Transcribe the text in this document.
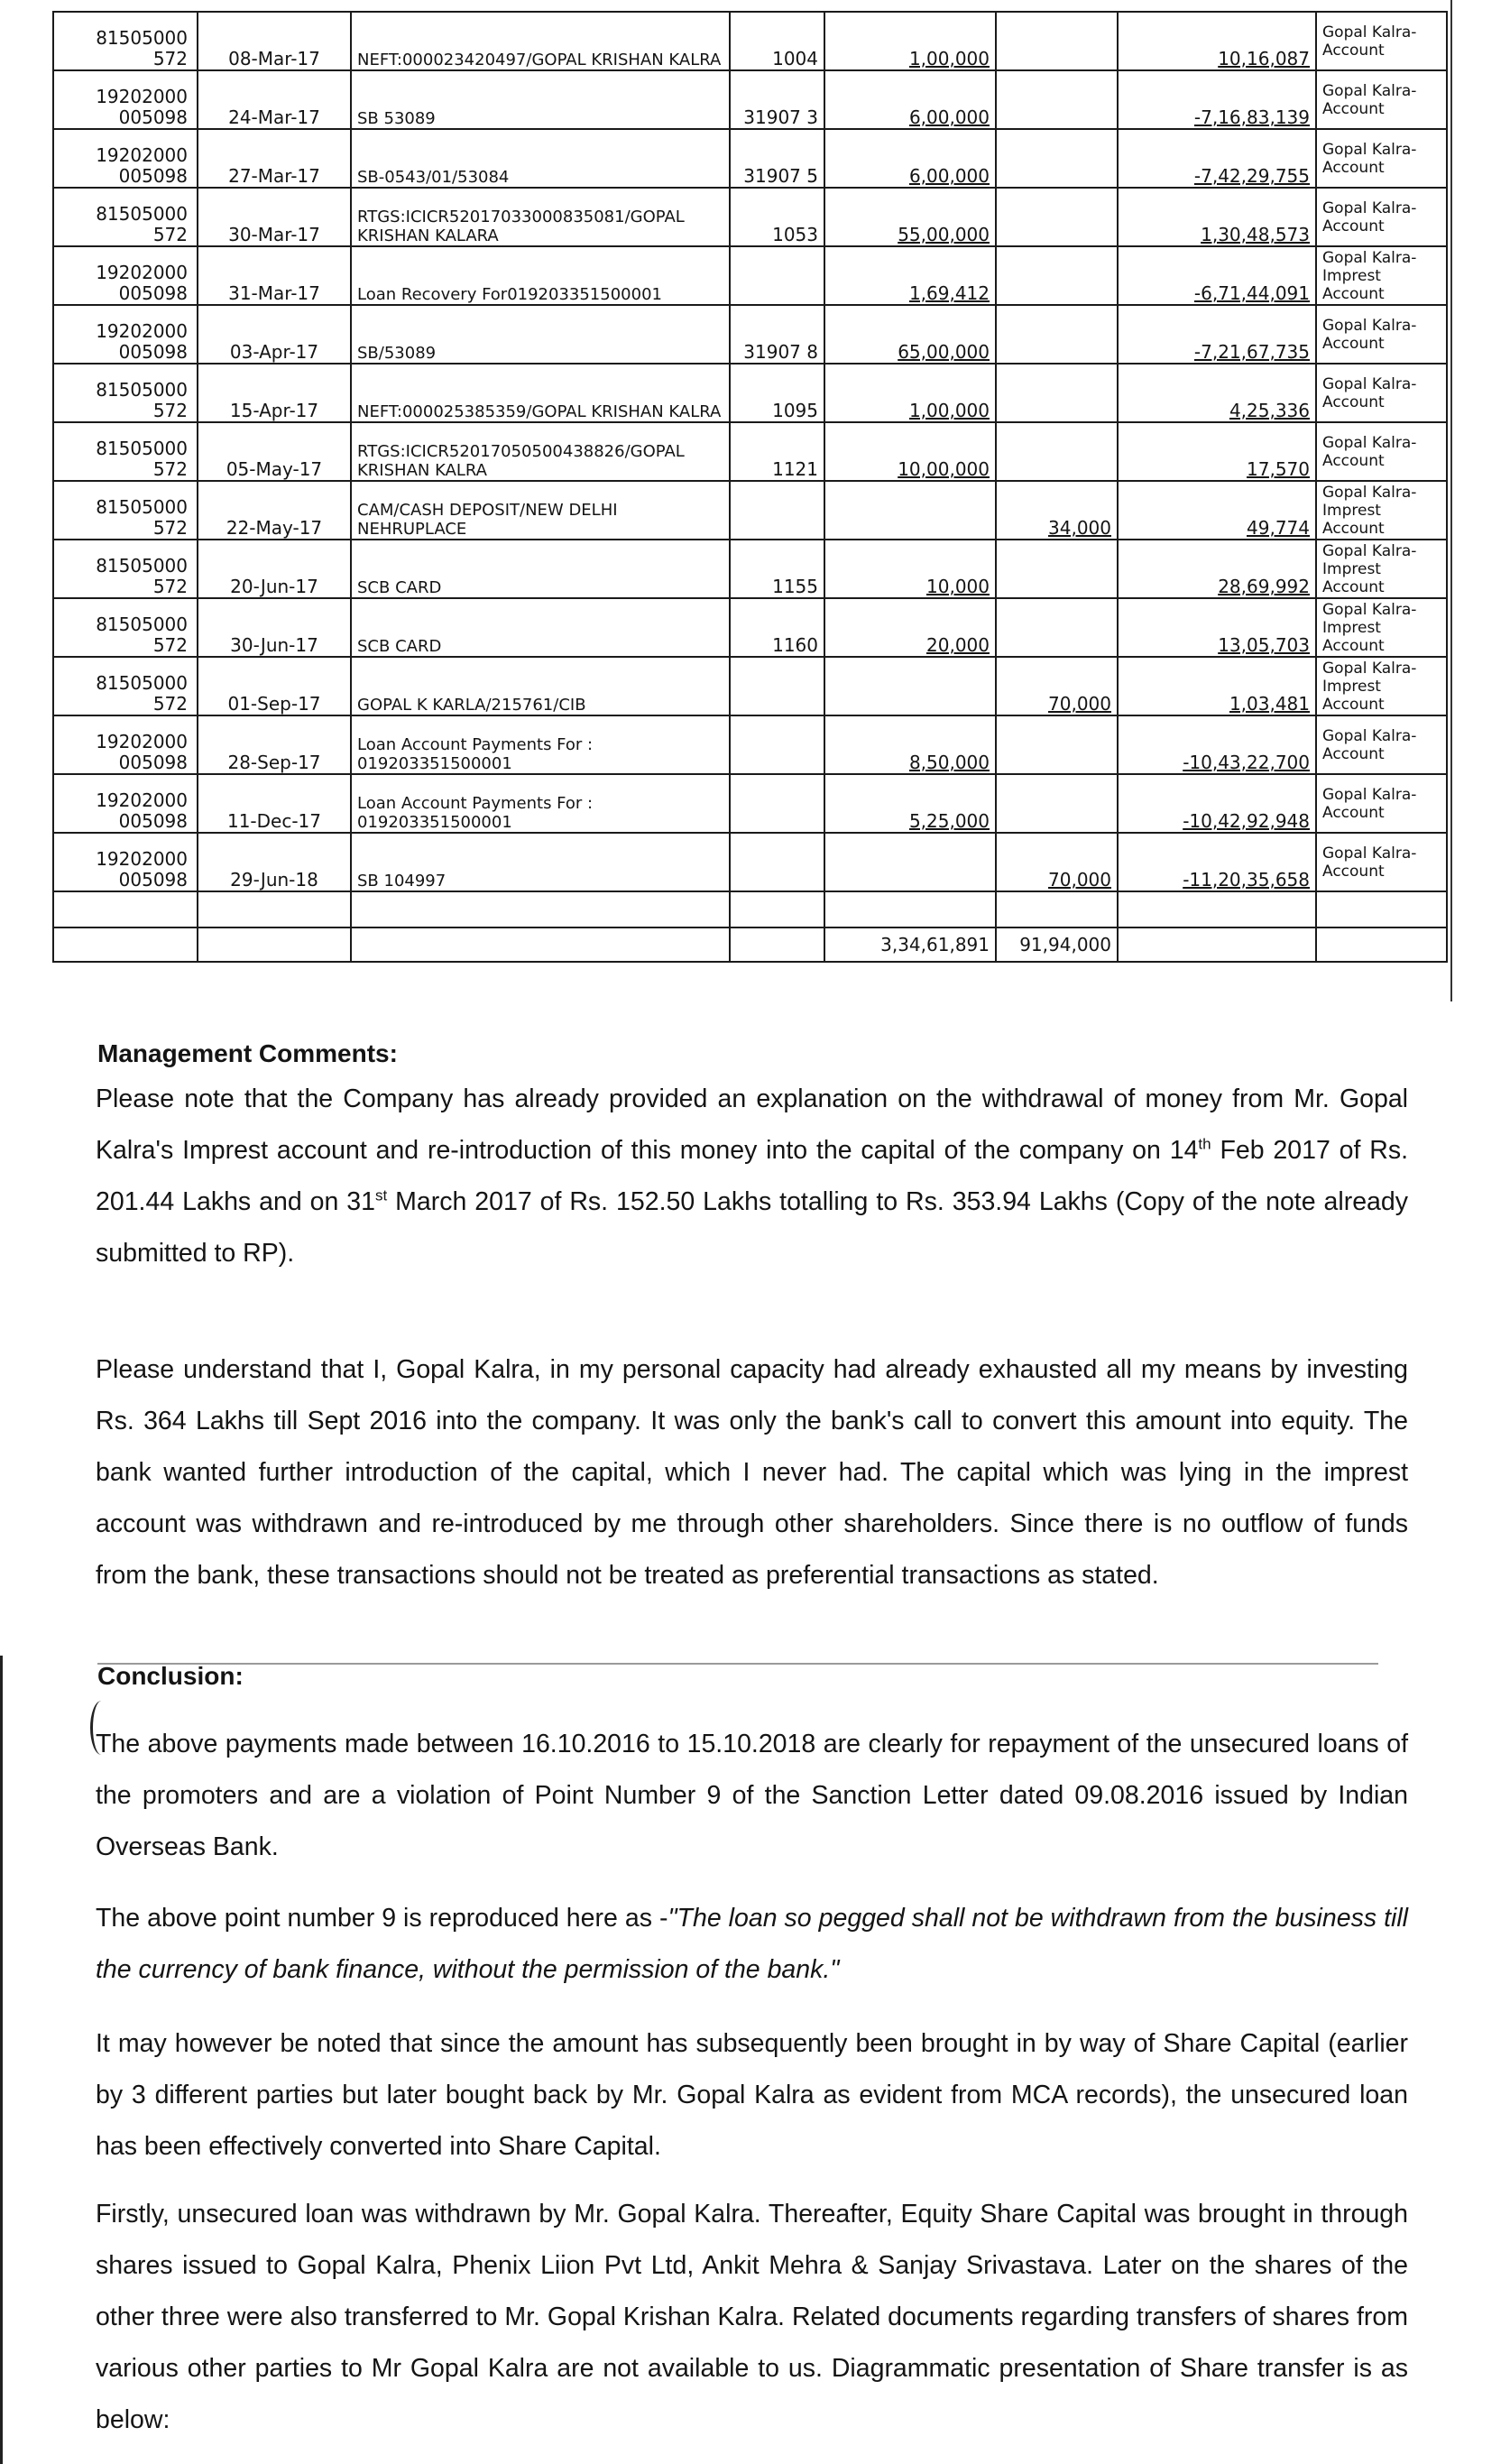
81505000
572	08-Mar-17	NEFT:000023420497/GOPAL KRISHAN KALRA	1004	1,00,000		10,16,087	Gopal Kalra-Account

19202000
005098	24-Mar-17	SB 53089	31907 3	6,00,000		-7,16,83,139	Gopal Kalra-Account

19202000
005098	27-Mar-17	SB-0543/01/53084	31907 5	6,00,000		-7,42,29,755	Gopal Kalra-Account

81505000
572	30-Mar-17	RTGS:ICICR52017033000835081/GOPAL KRISHAN KALARA	1053	55,00,000		1,30,48,573	Gopal Kalra-Account

19202000
005098	31-Mar-17	Loan Recovery For019203351500001		1,69,412		-6,71,44,091	Gopal Kalra-Imprest Account

19202000
005098	03-Apr-17	SB/53089	31907 8	65,00,000		-7,21,67,735	Gopal Kalra-Account

81505000
572	15-Apr-17	NEFT:000025385359/GOPAL KRISHAN KALRA	1095	1,00,000		4,25,336	Gopal Kalra-Account

81505000
572	05-May-17	RTGS:ICICR52017050500438826/GOPAL KRISHAN KALRA	1121	10,00,000		17,570	Gopal Kalra-Account

81505000
572	22-May-17	CAM/CASH DEPOSIT/NEW DELHI NEHRUPLACE			34,000	49,774	Gopal Kalra-Imprest Account

81505000
572	20-Jun-17	SCB CARD	1155	10,000		28,69,992	Gopal Kalra-Imprest Account

81505000
572	30-Jun-17	SCB CARD	1160	20,000		13,05,703	Gopal Kalra-Imprest Account

81505000
572	01-Sep-17	GOPAL K KARLA/215761/CIB			70,000	1,03,481	Gopal Kalra-Imprest Account

19202000
005098	28-Sep-17	Loan Account Payments For : 019203351500001		8,50,000		-10,43,22,700	Gopal Kalra-Account

19202000
005098	11-Dec-17	Loan Account Payments For : 019203351500001		5,25,000		-10,42,92,948	Gopal Kalra-Account

19202000
005098	29-Jun-18	SB 104997			70,000	-11,20,35,658	Gopal Kalra-Account

				3,34,61,891	91,94,000		
Management Comments:

Please note that the Company has already provided an explanation on the withdrawal of money from Mr. Gopal Kalra's Imprest account and re-introduction of this money into the capital of the company on 14th Feb 2017 of Rs. 201.44 Lakhs and on 31st March 2017 of Rs. 152.50 Lakhs totalling to Rs. 353.94 Lakhs (Copy of the note already submitted to RP).

Please understand that I, Gopal Kalra, in my personal capacity had already exhausted all my means by investing Rs. 364 Lakhs till Sept 2016 into the company. It was only the bank's call to convert this amount into equity. The bank wanted further introduction of the capital, which I never had. The capital which was lying in the imprest account was withdrawn and re-introduced by me through other shareholders. Since there is no outflow of funds from the bank, these transactions should not be treated as preferential transactions as stated.

Conclusion:

The above payments made between 16.10.2016 to 15.10.2018 are clearly for repayment of the unsecured loans of the promoters and are a violation of Point Number 9 of the Sanction Letter dated 09.08.2016 issued by Indian Overseas Bank.

The above point number 9 is reproduced here as -"The loan so pegged shall not be withdrawn from the business till the currency of bank finance, without the permission of the bank."

It may however be noted that since the amount has subsequently been brought in by way of Share Capital (earlier by 3 different parties but later bought back by Mr. Gopal Kalra as evident from MCA records), the unsecured loan has been effectively converted into Share Capital.

Firstly, unsecured loan was withdrawn by Mr. Gopal Kalra. Thereafter, Equity Share Capital was brought in through shares issued to Gopal Kalra, Phenix Liion Pvt Ltd, Ankit Mehra & Sanjay Srivastava. Later on the shares of the other three were also transferred to Mr. Gopal Krishan Kalra. Related documents regarding transfers of shares from various other parties to Mr Gopal Kalra are not available to us. Diagrammatic presentation of Share transfer is as below:
